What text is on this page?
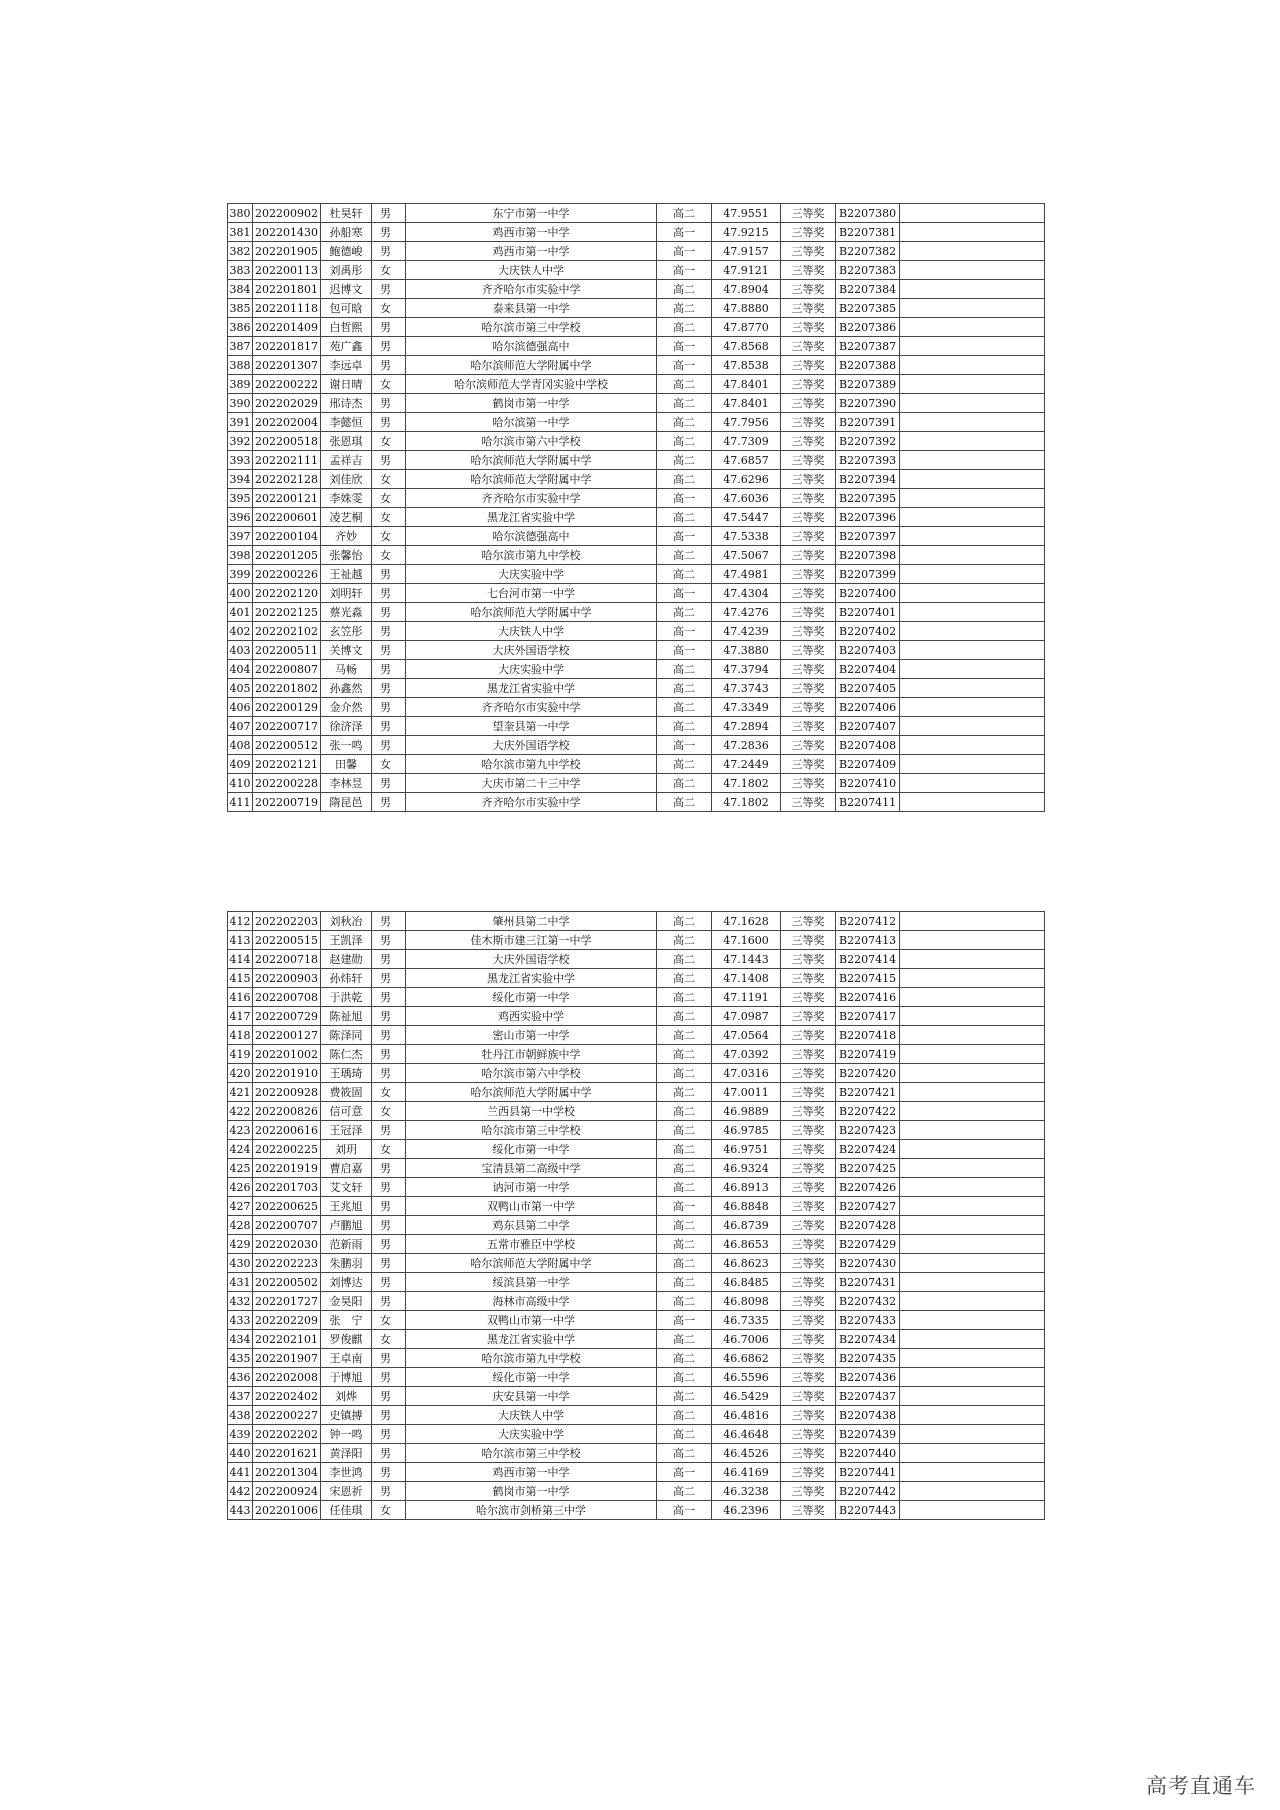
380	202200902	杜昊轩	男	东宁市第一中学	高二	47.9551	三等奖	B2207380	
381	202201430	孙船寒	男	鸡西市第一中学	高一	47.9215	三等奖	B2207381	
382	202201905	鲍德峻	男	鸡西市第一中学	高一	47.9157	三等奖	B2207382	
383	202200113	刘禹彤	女	大庆铁人中学	高一	47.9121	三等奖	B2207383	
384	202201801	迟博文	男	齐齐哈尔市实验中学	高二	47.8904	三等奖	B2207384	
385	202201118	包可晗	女	泰来县第一中学	高二	47.8880	三等奖	B2207385	
386	202201409	白哲熙	男	哈尔滨市第三中学校	高二	47.8770	三等奖	B2207386	
387	202201817	苑广鑫	男	哈尔滨德强高中	高一	47.8568	三等奖	B2207387	
388	202201307	李远卓	男	哈尔滨师范大学附属中学	高一	47.8538	三等奖	B2207388	
389	202200222	谢日晴	女	哈尔滨师范大学青冈实验中学校	高二	47.8401	三等奖	B2207389	
390	202202029	邢诗杰	男	鹤岗市第一中学	高二	47.8401	三等奖	B2207390	
391	202202004	李懿恒	男	哈尔滨第一中学	高二	47.7956	三等奖	B2207391	
392	202200518	张恩琪	女	哈尔滨市第六中学校	高二	47.7309	三等奖	B2207392	
393	202202111	孟祥吉	男	哈尔滨师范大学附属中学	高二	47.6857	三等奖	B2207393	
394	202202128	刘佳欣	女	哈尔滨师范大学附属中学	高二	47.6296	三等奖	B2207394	
395	202200121	李姝雯	女	齐齐哈尔市实验中学	高一	47.6036	三等奖	B2207395	
396	202200601	凌艺桐	女	黑龙江省实验中学	高二	47.5447	三等奖	B2207396	
397	202200104	齐妙	女	哈尔滨德强高中	高一	47.5338	三等奖	B2207397	
398	202201205	张馨怡	女	哈尔滨市第九中学校	高二	47.5067	三等奖	B2207398	
399	202200226	王祉越	男	大庆实验中学	高二	47.4981	三等奖	B2207399	
400	202202120	刘明轩	男	七台河市第一中学	高一	47.4304	三等奖	B2207400	
401	202202125	蔡光淼	男	哈尔滨师范大学附属中学	高二	47.4276	三等奖	B2207401	
402	202202102	玄笠彤	男	大庆铁人中学	高一	47.4239	三等奖	B2207402	
403	202200511	关博文	男	大庆外国语学校	高一	47.3880	三等奖	B2207403	
404	202200807	马畅	男	大庆实验中学	高二	47.3794	三等奖	B2207404	
405	202201802	孙鑫然	男	黑龙江省实验中学	高二	47.3743	三等奖	B2207405	
406	202200129	金介然	男	齐齐哈尔市实验中学	高二	47.3349	三等奖	B2207406	
407	202200717	徐济泽	男	望奎县第一中学	高二	47.2894	三等奖	B2207407	
408	202200512	张一鸣	男	大庆外国语学校	高一	47.2836	三等奖	B2207408	
409	202202121	田馨	女	哈尔滨市第九中学校	高二	47.2449	三等奖	B2207409	
410	202200228	李林昱	男	大庆市第二十三中学	高二	47.1802	三等奖	B2207410	
411	202200719	隋昆邑	男	齐齐哈尔市实验中学	高二	47.1802	三等奖	B2207411	
412	202202203	刘秋冶	男	肇州县第二中学	高二	47.1628	三等奖	B2207412	
413	202200515	王凯泽	男	佳木斯市建三江第一中学	高二	47.1600	三等奖	B2207413	
414	202200718	赵建勋	男	大庆外国语学校	高二	47.1443	三等奖	B2207414	
415	202200903	孙炜轩	男	黑龙江省实验中学	高二	47.1408	三等奖	B2207415	
416	202200708	于洪乾	男	绥化市第一中学	高二	47.1191	三等奖	B2207416	
417	202200729	陈祉旭	男	鸡西实验中学	高二	47.0987	三等奖	B2207417	
418	202200127	陈泽同	男	密山市第一中学	高二	47.0564	三等奖	B2207418	
419	202201002	陈仁杰	男	牡丹江市朝鲜族中学	高二	47.0392	三等奖	B2207419	
420	202201910	王瑀琦	男	哈尔滨市第六中学校	高二	47.0316	三等奖	B2207420	
421	202200928	费筱固	女	哈尔滨师范大学附属中学	高二	47.0011	三等奖	B2207421	
422	202200826	信可意	女	兰西县第一中学校	高二	46.9889	三等奖	B2207422	
423	202200616	王冠泽	男	哈尔滨市第三中学校	高二	46.9785	三等奖	B2207423	
424	202200225	刘玥	女	绥化市第一中学	高二	46.9751	三等奖	B2207424	
425	202201919	曹启嘉	男	宝清县第二高级中学	高二	46.9324	三等奖	B2207425	
426	202201703	艾文轩	男	讷河市第一中学	高二	46.8913	三等奖	B2207426	
427	202200625	王兆旭	男	双鸭山市第一中学	高一	46.8848	三等奖	B2207427	
428	202200707	卢鹏旭	男	鸡东县第二中学	高二	46.8739	三等奖	B2207428	
429	202202030	范新雨	男	五常市雅臣中学校	高二	46.8653	三等奖	B2207429	
430	202202223	朱鹏羽	男	哈尔滨师范大学附属中学	高二	46.8623	三等奖	B2207430	
431	202200502	刘博达	男	绥滨县第一中学	高二	46.8485	三等奖	B2207431	
432	202201727	金昊阳	男	海林市高级中学	高二	46.8098	三等奖	B2207432	
433	202202209	张　宁	女	双鸭山市第一中学	高一	46.7335	三等奖	B2207433	
434	202202101	罗俊麒	女	黑龙江省实验中学	高二	46.7006	三等奖	B2207434	
435	202201907	王卓南	男	哈尔滨市第九中学校	高二	46.6862	三等奖	B2207435	
436	202202008	于博旭	男	绥化市第一中学	高二	46.5596	三等奖	B2207436	
437	202202402	刘烨	男	庆安县第一中学	高二	46.5429	三等奖	B2207437	
438	202200227	史镇搏	男	大庆铁人中学	高二	46.4816	三等奖	B2207438	
439	202202202	钟一鸣	男	大庆实验中学	高二	46.4648	三等奖	B2207439	
440	202201621	黄泽阳	男	哈尔滨市第三中学校	高二	46.4526	三等奖	B2207440	
441	202201304	李世鸿	男	鸡西市第一中学	高一	46.4169	三等奖	B2207441	
442	202200924	宋恩祈	男	鹤岗市第一中学	高二	46.3238	三等奖	B2207442	
443	202201006	任佳琪	女	哈尔滨市剑桥第三中学	高一	46.2396	三等奖	B2207443	
高考直通车
